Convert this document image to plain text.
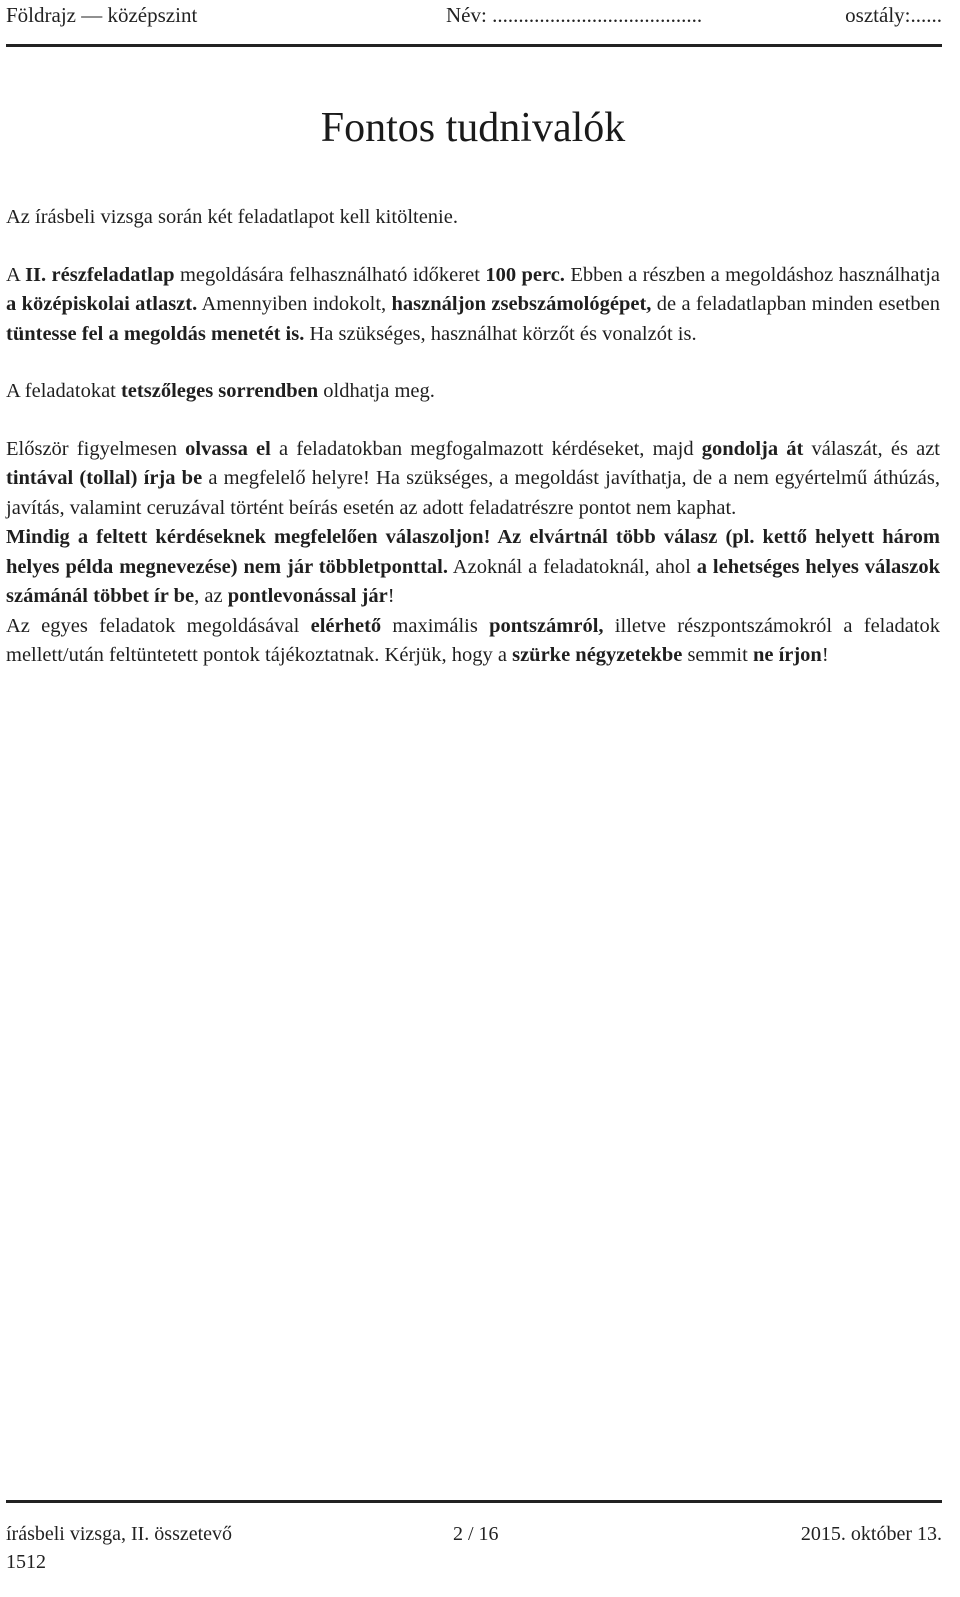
Földrajz — középszint	Név: ........................................	osztály:......
Fontos tudnivalók

Az írásbeli vizsga során két feladatlapot kell kitöltenie.

A II. részfeladatlap megoldására felhasználható időkeret 100 perc. Ebben a részben a megoldáshoz használhatja a középiskolai atlaszt. Amennyiben indokolt, használjon zsebszámológépet, de a feladatlapban minden esetben tüntesse fel a megoldás menetét is. Ha szükséges, használhat körzőt és vonalzót is.

A feladatokat tetszőleges sorrendben oldhatja meg.

Először figyelmesen olvassa el a feladatokban megfogalmazott kérdéseket, majd gondolja át válaszát, és azt tintával (tollal) írja be a megfelelő helyre! Ha szükséges, a megoldást javíthatja, de a nem egyértelmű áthúzás, javítás, valamint ceruzával történt beírás esetén az adott feladatrészre pontot nem kaphat.

Mindig a feltett kérdéseknek megfelelően válaszoljon! Az elvártnál több válasz (pl. kettő helyett három helyes példa megnevezése) nem jár többletponttal. Azoknál a feladatoknál, ahol a lehetséges helyes válaszok számánál többet ír be, az pontlevonással jár!

Az egyes feladatok megoldásával elérhető maximális pontszámról, illetve részpontszámokról a feladatok mellett/után feltüntetett pontok tájékoztatnak. Kérjük, hogy a szürke négyzetekbe semmit ne írjon!

írásbeli vizsga, II. összetevő
1512
2 / 16	2015. október 13.
